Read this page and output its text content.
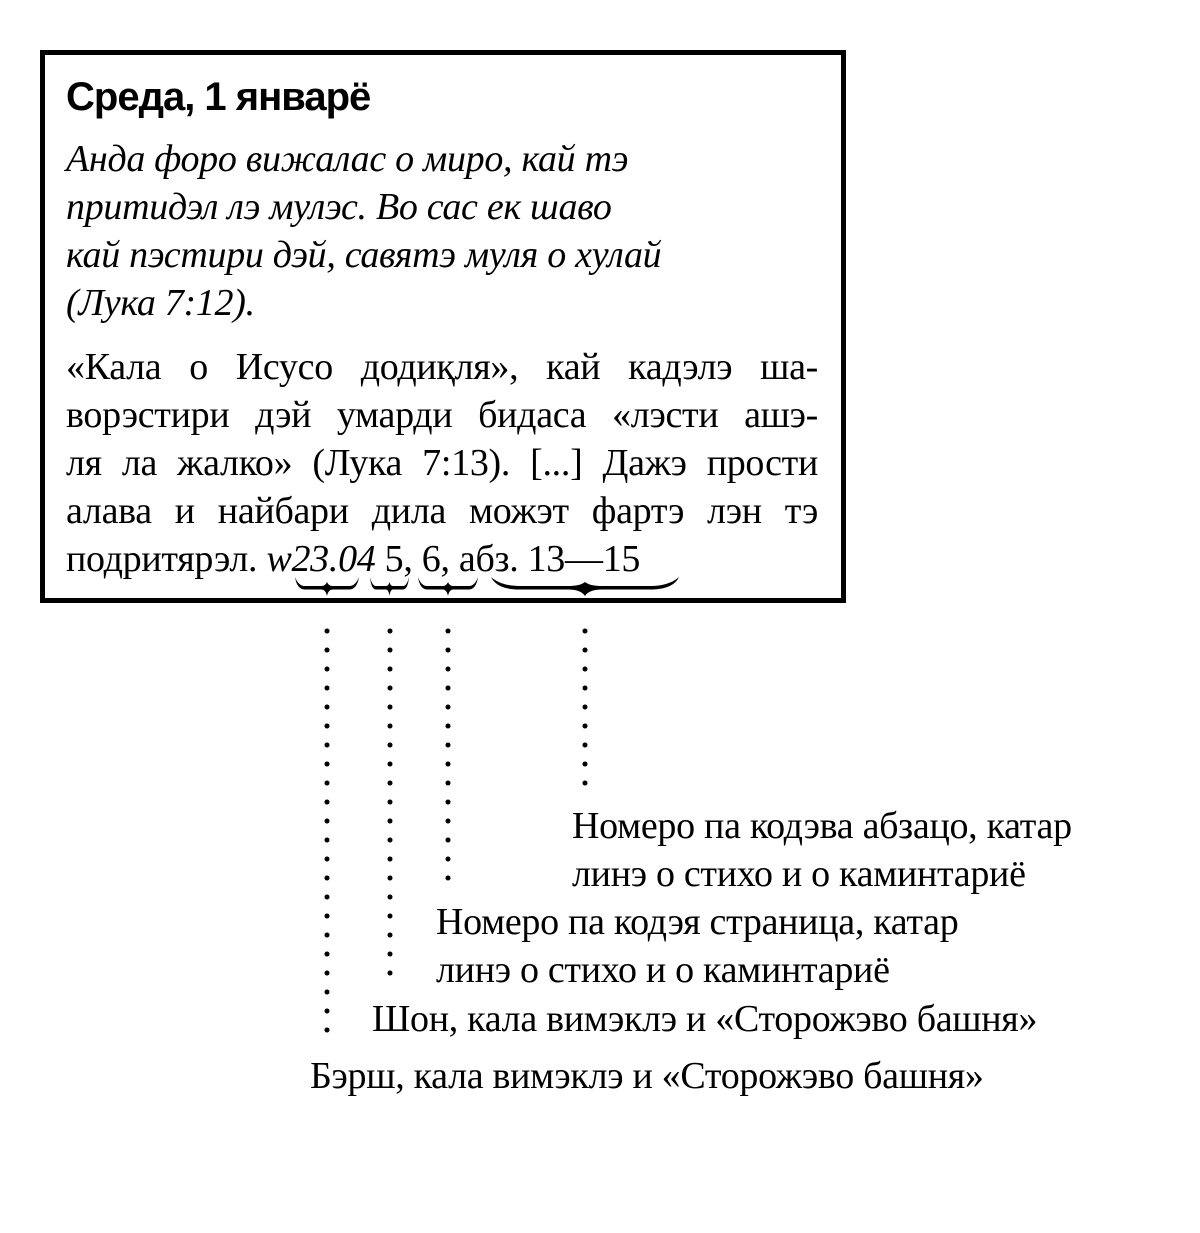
Среда, 1 январё
Анда форо вижалас о миро, кай тэ
притидэл лэ мулэс. Во сас ек шаво
кай пэстири дэй, савятэ муля о хулай
(Лука 7:12).
«Кала о Исусо додиқля», кай кадэлэ ша-
ворэстири дэй умарди бидаса «лэсти ашэ-
ля ла жалко» (Лука 7:13). [...] Дажэ прости
алава и найбари дила можэт фартэ лэн тэ
подритярэл. w23.04 5, 6, абз. 13—15
Номеро па кодэва абзацо, катар
линэ о стихо и о каминтариё
Номеро па кодэя страница, катар
линэ о стихо и о каминтариё
Шон, кала вимэклэ и «Сторожэво башня»
Бэрш, кала вимэклэ и «Сторожэво башня»
